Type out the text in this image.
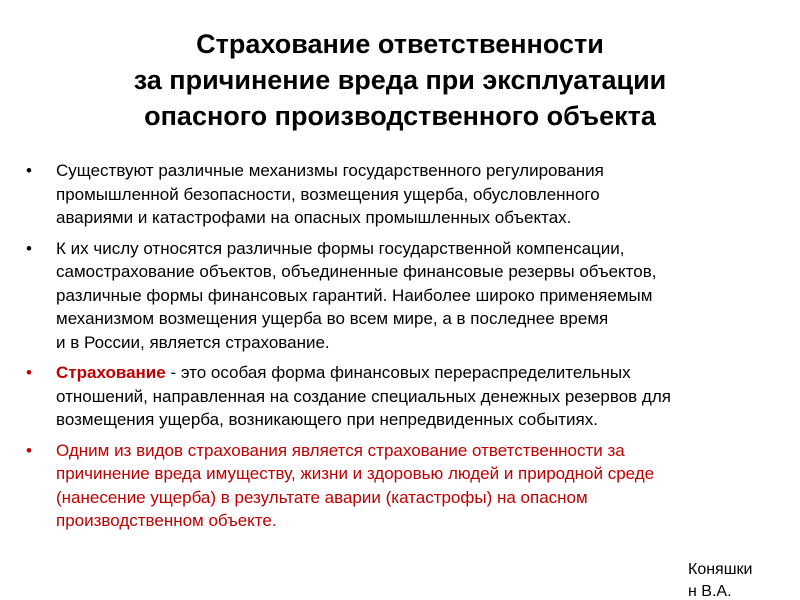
Страхование ответственности
за причинение вреда при эксплуатации
опасного производственного объекта
• Существуют различные механизмы государственного регулирования
промышленной безопасности, возмещения ущерба, обусловленного
авариями и катастрофами на опасных промышленных объектах.
• К их числу относятся различные формы государственной компенсации,
самострахование объектов, объединенные финансовые резервы объектов,
различные формы финансовых гарантий. Наиболее широко применяемым
механизмом возмещения ущерба во всем мире, а в последнее время
и в России, является страхование.
• Страхование - это особая форма финансовых перераспределительных
отношений, направленная на создание специальных денежных резервов для
возмещения ущерба, возникающего при непредвиденных событиях.
• Одним из видов страхования является страхование ответственности за
причинение вреда имуществу, жизни и здоровью людей и природной среде
(нанесение ущерба) в результате аварии (катастрофы) на опасном
производственном объекте.
Коняшки
н В.А.
